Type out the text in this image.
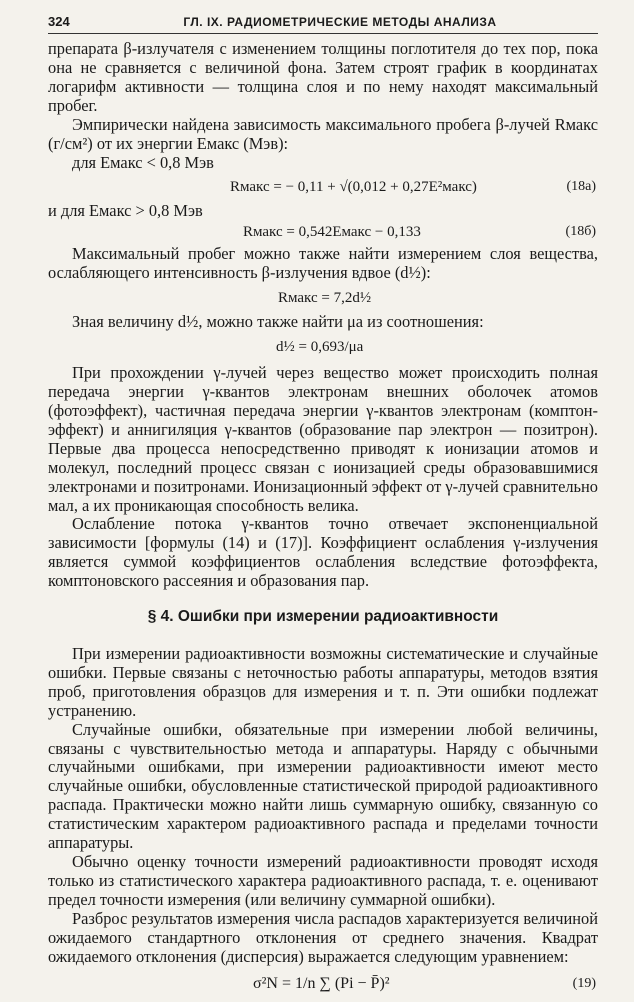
324	ГЛ. IX. РАДИОМЕТРИЧЕСКИЕ МЕТОДЫ АНАЛИЗА

препарата β-излучателя с изменением толщины поглотителя до тех пор, пока она не сравняется с величиной фона. Затем строят график в координатах логарифм активности — толщина слоя и по нему находят максимальный пробег.

Эмпирически найдена зависимость максимального пробега β-лучей Rмакс (г/см²) от их энергии Eмакс (Мэв):

для Eмакс < 0,8 Мэв
Rмакс = − 0,11 + √(0,012 + 0,27E²макс)	(18а)
и для Eмакс > 0,8 Мэв
Rмакс = 0,542Eмакс − 0,133	(18б)

Максимальный пробег можно также найти измерением слоя вещества, ослабляющего интенсивность β-излучения вдвое (d½):

Rмакс = 7,2d½

Зная величину d½, можно также найти μa из соотношения:

d½ = 0,693/μa

При прохождении γ-лучей через вещество может происходить полная передача энергии γ-квантов электронам внешних оболочек атомов (фотоэффект), частичная передача энергии γ-квантов электронам (комптон-эффект) и аннигиляция γ-квантов (образование пар электрон — позитрон). Первые два процесса непосредственно приводят к ионизации атомов и молекул, последний процесс связан с ионизацией среды образовавшимися электронами и позитронами. Ионизационный эффект от γ-лучей сравнительно мал, а их проникающая способность велика.

Ослабление потока γ-квантов точно отвечает экспоненциальной зависимости [формулы (14) и (17)]. Коэффициент ослабления γ-излучения является суммой коэффициентов ослабления вследствие фотоэффекта, комптоновского рассеяния и образования пар.

§ 4. Ошибки при измерении радиоактивности

При измерении радиоактивности возможны систематические и случайные ошибки. Первые связаны с неточностью работы аппаратуры, методов взятия проб, приготовления образцов для измерения и т. п. Эти ошибки подлежат устранению.

Случайные ошибки, обязательные при измерении любой величины, связаны с чувствительностью метода и аппаратуры. Наряду с обычными случайными ошибками, при измерении радиоактивности имеют место случайные ошибки, обусловленные статистической природой радиоактивного распада. Практически можно найти лишь суммарную ошибку, связанную со статистическим характером радиоактивного распада и пределами точности аппаратуры.

Обычно оценку точности измерений радиоактивности проводят исходя только из статистического характера радиоактивного распада, т. е. оценивают предел точности измерения (или величину суммарной ошибки).

Разброс результатов измерения числа распадов характеризуется величиной ожидаемого стандартного отклонения от среднего значения. Квадрат ожидаемого отклонения (дисперсия) выражается следующим уравнением:

σ²N = 1/n ∑ (Pi − P̄)²	(19)
